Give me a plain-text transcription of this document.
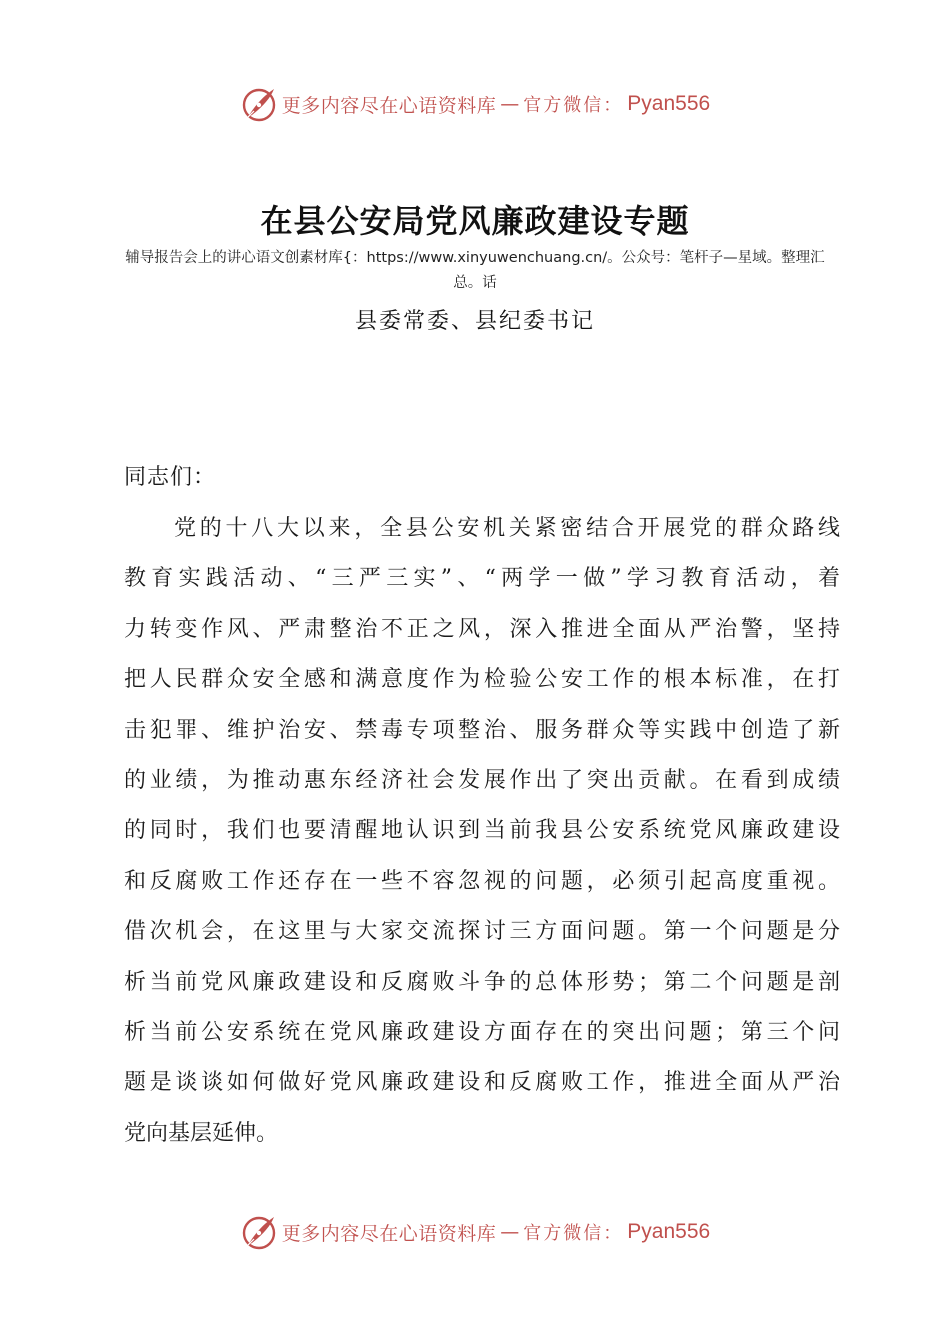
更多内容尽在心语资料库 — 官方微信： Pyan556
在县公安局党风廉政建设专题
辅导报告会上的讲心语文创素材库{：https://www.xinyuwenchuang.cn/。公众号：笔杆子—星域。整理汇总。话
县委常委、县纪委书记
同志们：
党的十八大以来，全县公安机关紧密结合开展党的群众路线
教育实践活动、“三严三实”、“两学一做”学习教育活动，着
力转变作风、严肃整治不正之风，深入推进全面从严治警，坚持
把人民群众安全感和满意度作为检验公安工作的根本标准，在打
击犯罪、维护治安、禁毒专项整治、服务群众等实践中创造了新
的业绩，为推动惠东经济社会发展作出了突出贡献。在看到成绩
的同时，我们也要清醒地认识到当前我县公安系统党风廉政建设
和反腐败工作还存在一些不容忽视的问题，必须引起高度重视。
借次机会，在这里与大家交流探讨三方面问题。第一个问题是分
析当前党风廉政建设和反腐败斗争的总体形势；第二个问题是剖
析当前公安系统在党风廉政建设方面存在的突出问题；第三个问
题是谈谈如何做好党风廉政建设和反腐败工作，推进全面从严治
党向基层延伸。
更多内容尽在心语资料库 — 官方微信： Pyan556
